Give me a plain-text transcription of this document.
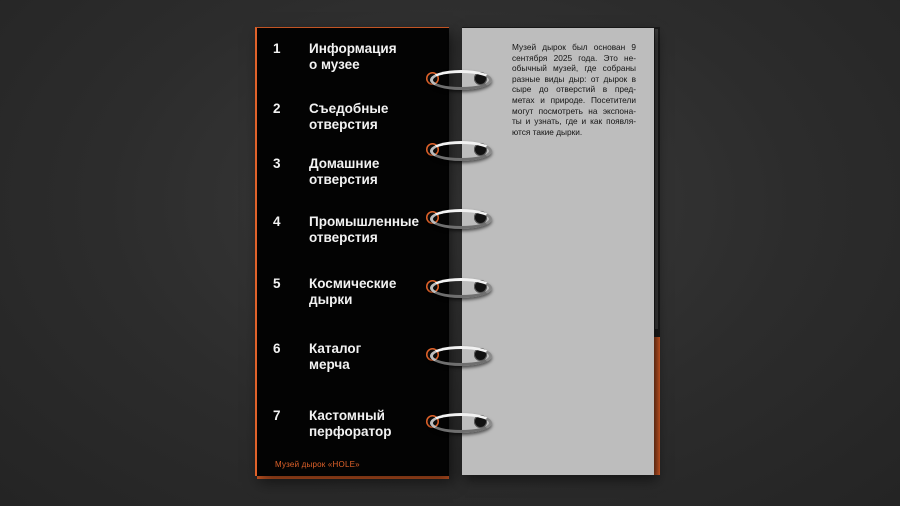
1 Информация
о музее
2 Съедобные
отверстия
3 Домашние
отверстия
4 Промышленные
отверстия
5 Космические
дырки
6 Каталог
мерча
7 Кастомный
перфоратор
Музей дырок «HOLE»
Музей дырок был основан 9 сентября 2025 года. Это не-обычный музей, где собраны разные виды дыр: от дырок в сыре до отверстий в пред-метах и природе. Посетители могут посмотреть на экспона-ты и узнать, где и как появля-ются такие дырки.
